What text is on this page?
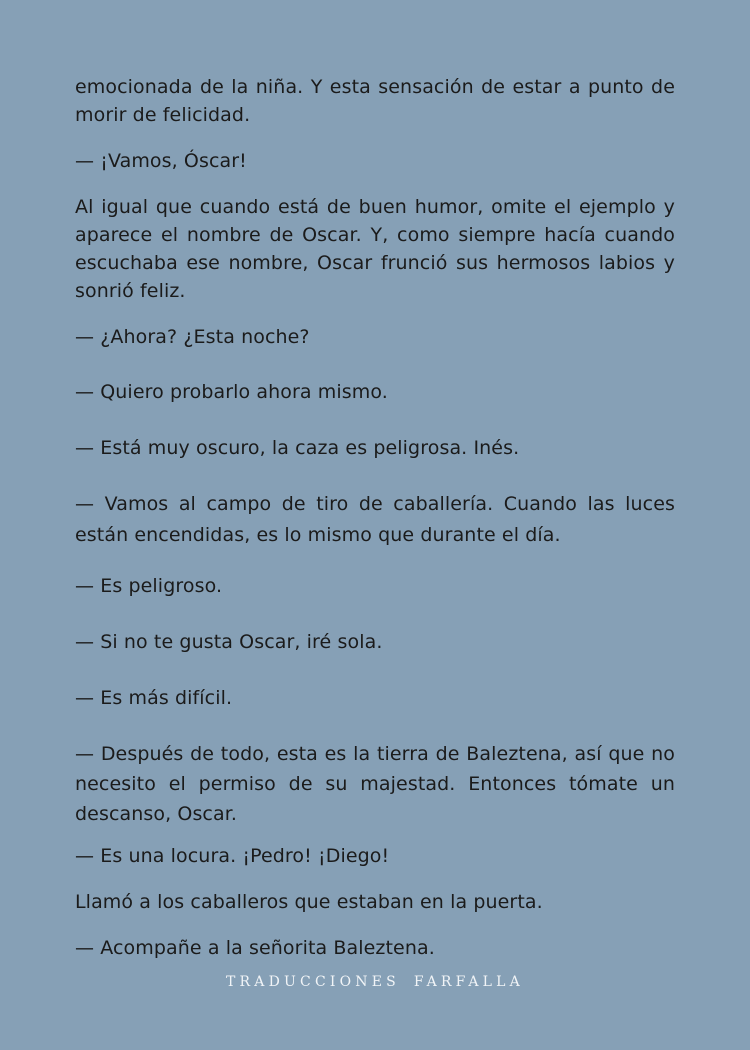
emocionada de la niña. Y esta sensación de estar a punto de morir de felicidad.

— ¡Vamos, Óscar!

Al igual que cuando está de buen humor, omite el ejemplo y aparece el nombre de Oscar. Y, como siempre hacía cuando escuchaba ese nombre, Oscar frunció sus hermosos labios y sonrió feliz.

— ¿Ahora? ¿Esta noche?

— Quiero probarlo ahora mismo.

— Está muy oscuro, la caza es peligrosa. Inés.

— Vamos al campo de tiro de caballería. Cuando las luces están encendidas, es lo mismo que durante el día.

— Es peligroso.

— Si no te gusta Oscar, iré sola.

— Es más difícil.

— Después de todo, esta es la tierra de Baleztena, así que no necesito el permiso de su majestad. Entonces tómate un descanso, Oscar.

— Es una locura. ¡Pedro! ¡Diego!

Llamó a los caballeros que estaban en la puerta.

— Acompañe a la señorita Baleztena.

TRADUCCIONES FARFALLA
